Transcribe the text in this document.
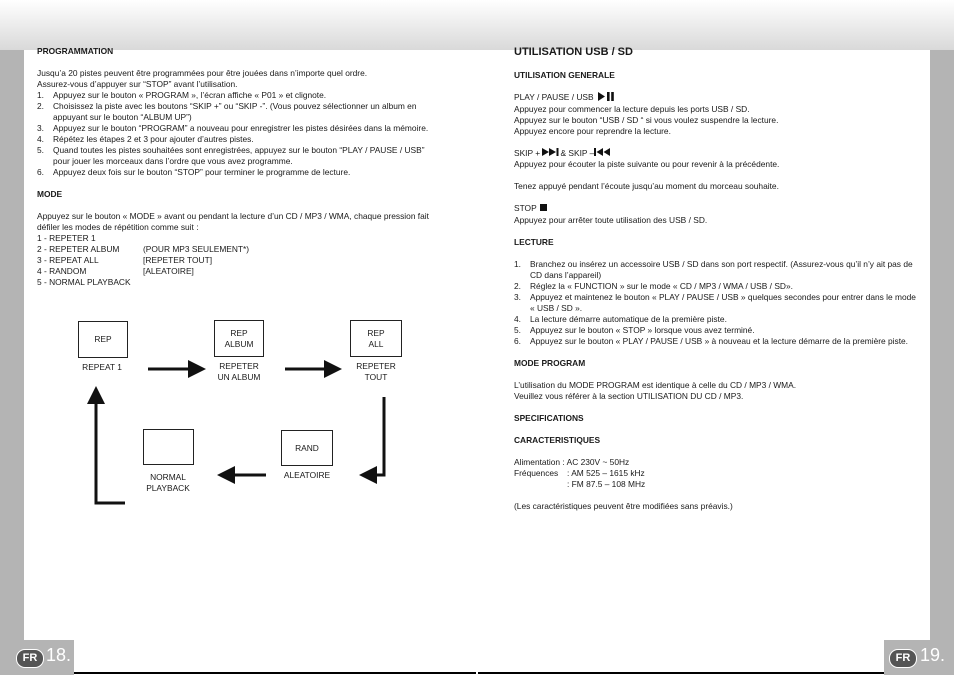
FR 18.	FR 19.

PROGRAMMATION

Jusqu’a 20 pistes peuvent être programmées pour être jouées dans n’importe quel ordre.

Assurez-vous d’appuyer sur “STOP” avant l’utilisation.

1.	Appuyez sur le bouton « PROGRAM », l’écran affiche « P01 » et clignote.
2.	Choisissez la piste avec les boutons “SKIP +” ou “SKIP -”. (Vous pouvez sélectionner un album en appuyant sur le bouton “ALBUM UP”)
3.	Appuyez sur le bouton “PROGRAM” a nouveau pour enregistrer les pistes désirées dans la mémoire.
4.	Répétez les étapes 2 et 3 pour ajouter d’autres pistes.
5.	Quand toutes les pistes souhaitées sont enregistrées, appuyez sur le bouton “PLAY / PAUSE / USB” pour jouer les morceaux dans l’ordre que vous avez programme.
6.	Appuyez deux fois sur le bouton “STOP” pour terminer le programme de lecture.

MODE

Appuyez sur le bouton « MODE » avant ou pendant la lecture d’un CD / MP3 / WMA, chaque pression fait défiler les modes de répétition comme suit :

1 - REPETER 1
2 - REPETER ALBUM	(POUR MP3 SEULEMENT*)
3 - REPEAT ALL	[REPETER TOUT]
4 - RANDOM	[ALEATOIRE]
5 - NORMAL PLAYBACK
REP
REP
ALBUM
REP
ALL
RAND
REPEAT 1	REPETER
UN ALBUM
REPETER
TOUT
NORMAL
PLAYBACK
ALEATOIRE

UTILISATION USB / SD

UTILISATION GENERALE

PLAY / PAUSE / USB

Appuyez pour commencer la lecture depuis les ports USB / SD.

Appuyez sur le bouton “USB / SD “ si vous voulez suspendre la lecture.

Appuyez encore pour reprendre la lecture.

SKIP + & SKIP –

Appuyez pour écouter la piste suivante ou pour revenir à la précédente.

Tenez appuyé pendant l’écoute jusqu’au moment du morceau souhaite.

STOP

Appuyez pour arrêter toute utilisation des USB / SD.

LECTURE

1.	Branchez ou insérez un accessoire USB / SD dans son port respectif. (Assurez-vous qu’il n’y ait pas de CD dans l’appareil)
2.	Réglez la « FUNCTION » sur le mode « CD / MP3 / WMA / USB / SD».
3.	Appuyez et maintenez le bouton « PLAY / PAUSE / USB » quelques secondes pour entrer dans le mode « USB / SD ».
4.	La lecture démarre automatique de la première piste.
5.	Appuyez sur le bouton « STOP » lorsque vous avez terminé.
6.	Appuyez sur le bouton « PLAY / PAUSE / USB » à nouveau et la lecture démarre de la première piste.

MODE PROGRAM

L’utilisation du MODE PROGRAM est identique à celle du CD / MP3 / WMA.

Veuillez vous référer à la section UTILISATION DU CD / MP3.

SPECIFICATIONS

CARACTERISTIQUES

Alimentation : AC 230V ~ 50Hz

Fréquences	: AM 525 – 1615 kHz
: FM 87.5 – 108 MHz

(Les caractéristiques peuvent être modifiées sans préavis.)
